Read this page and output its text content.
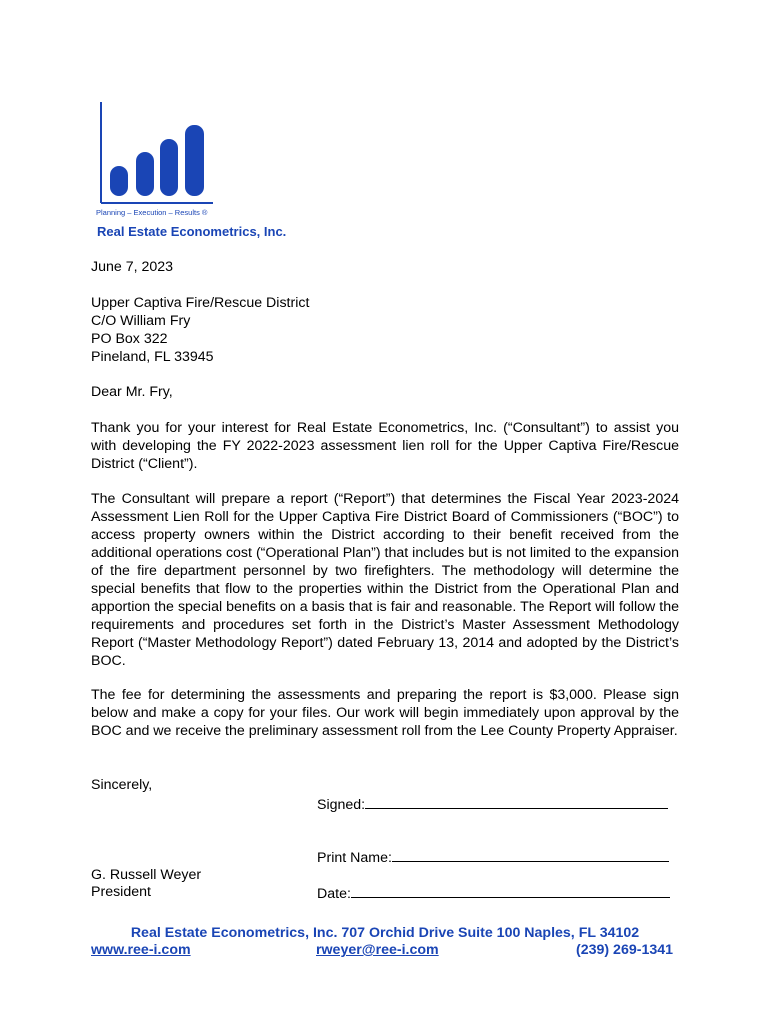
Planning – Execution – Results ®
Real Estate Econometrics, Inc.
June 7, 2023
Upper Captiva Fire/Rescue District
C/O William Fry
PO Box 322
Pineland, FL 33945
Dear Mr. Fry,
Thank you for your interest for Real Estate Econometrics, Inc. (“Consultant”) to assist you with developing the FY 2022-2023 assessment lien roll for the Upper Captiva Fire/Rescue District (“Client”).
The Consultant will prepare a report (“Report”) that determines the Fiscal Year 2023-2024 Assessment Lien Roll for the Upper Captiva Fire District Board of Commissioners (“BOC”) to access property owners within the District according to their benefit received from the additional operations cost (“Operational Plan”) that includes but is not limited to the expansion of the fire department personnel by two firefighters. The methodology will determine the special benefits that flow to the properties within the District from the Operational Plan and apportion the special benefits on a basis that is fair and reasonable. The Report will follow the requirements and procedures set forth in the District’s Master Assessment Methodology Report (“Master Methodology Report”) dated February 13, 2014 and adopted by the District’s BOC.
The fee for determining the assessments and preparing the report is $3,000. Please sign below and make a copy for your files. Our work will begin immediately upon approval by the BOC and we receive the preliminary assessment roll from the Lee County Property Appraiser.
Sincerely,
Signed:
Print Name:
Date:
G. Russell Weyer
President
Real Estate Econometrics, Inc. 707 Orchid Drive Suite 100 Naples, FL 34102
www.ree-i.com	rweyer@ree-i.com	(239) 269-1341
